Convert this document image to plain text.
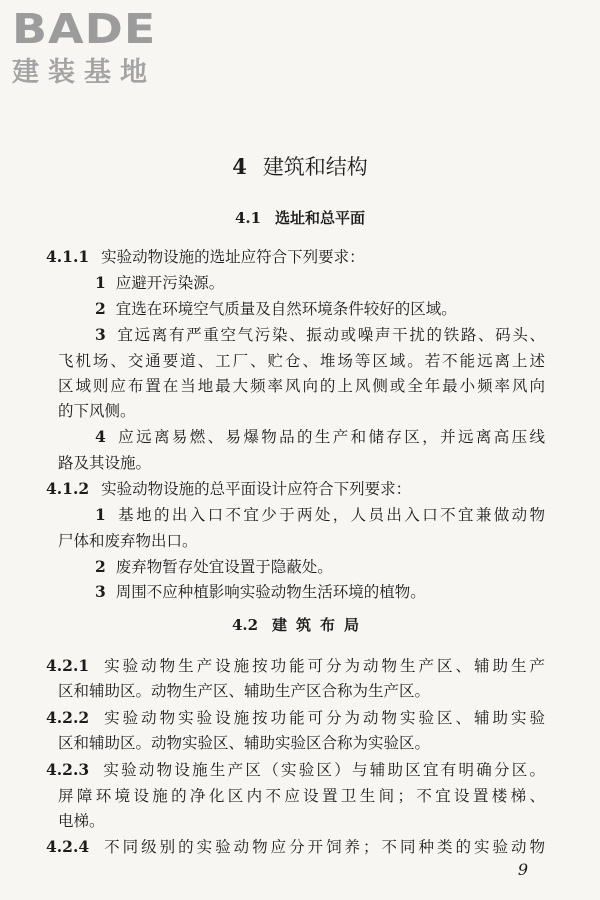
BADE
建装基地
4 建筑和结构
4.1 选址和总平面
4.1.1 实验动物设施的选址应符合下列要求：
1 应避开污染源。
2 宜选在环境空气质量及自然环境条件较好的区域。
3 宜远离有严重空气污染、振动或噪声干扰的铁路、码头、
飞机场、交通要道、工厂、贮仓、堆场等区域。若不能远离上述
区域则应布置在当地最大频率风向的上风侧或全年最小频率风向
的下风侧。
4 应远离易燃、易爆物品的生产和储存区，并远离高压线
路及其设施。
4.1.2 实验动物设施的总平面设计应符合下列要求：
1 基地的出入口不宜少于两处，人员出入口不宜兼做动物
尸体和废弃物出口。
2 废弃物暂存处宜设置于隐蔽处。
3 周围不应种植影响实验动物生活环境的植物。
4.2 建筑布局
4.2.1 实验动物生产设施按功能可分为动物生产区、辅助生产
区和辅助区。动物生产区、辅助生产区合称为生产区。
4.2.2 实验动物实验设施按功能可分为动物实验区、辅助实验
区和辅助区。动物实验区、辅助实验区合称为实验区。
4.2.3 实验动物设施生产区（实验区）与辅助区宜有明确分区。
屏障环境设施的净化区内不应设置卫生间；不宜设置楼梯、
电梯。
4.2.4 不同级别的实验动物应分开饲养；不同种类的实验动物
9
